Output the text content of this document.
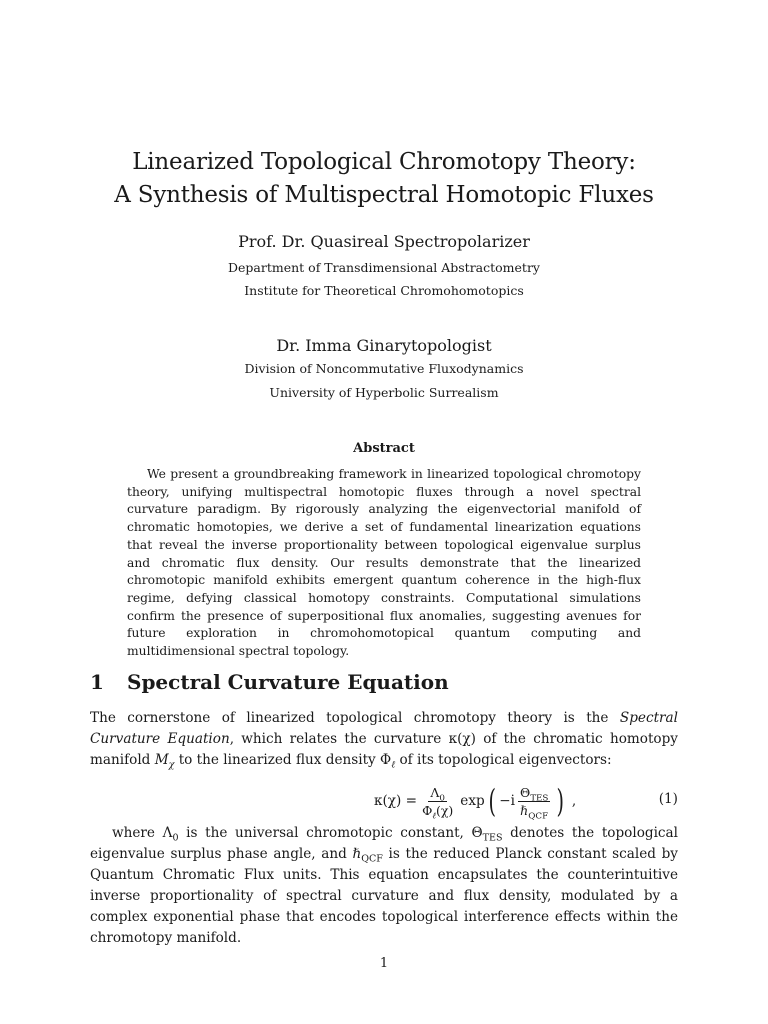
Linearized Topological Chromotopy Theory:
A Synthesis of Multispectral Homotopic Fluxes
Prof. Dr. Quasireal Spectropolarizer
Department of Transdimensional Abstractometry
Institute for Theoretical Chromohomotopics
Dr. Imma Ginarytopologist
Division of Noncommutative Fluxodynamics
University of Hyperbolic Surrealism
Abstract
We present a groundbreaking framework in linearized topological chromotopy theory, unifying multispectral homotopic fluxes through a novel spectral curvature paradigm. By rigorously analyzing the eigenvectorial manifold of chromatic homotopies, we derive a set of fundamental linearization equations that reveal the inverse proportionality between topological eigenvalue surplus and chromatic flux density. Our results demonstrate that the linearized chromotopic manifold exhibits emergent quantum coherence in the high-flux regime, defying classical homotopy constraints. Computational simulations confirm the presence of superpositional flux anomalies, suggesting avenues for future exploration in chromohomotopical quantum computing and multidimensional spectral topology.
1 Spectral Curvature Equation
The cornerstone of linearized topological chromotopy theory is the Spectral Curvature Equation, which relates the curvature κ(χ) of the chromatic homotopy manifold $M_\chi$ to the linearized flux density $\Phi_\ell$ of its topological eigenvectors:
$\kappa(\chi) = \frac{\Lambda_0}{\Phi_\ell(\chi)}$ exp ( $-i \frac{\Theta_{TES}}{\hbar_{QCF}}$ ) ,	(1)
where $\Lambda_0$ is the universal chromotopic constant, $\Theta_{TES}$ denotes the topological eigenvalue surplus phase angle, and ℏ$_{QCF}$ is the reduced Planck constant scaled by Quantum Chromatic Flux units. This equation encapsulates the counterintuitive inverse proportionality of spectral curvature and flux density, modulated by a complex exponential phase that encodes topological interference effects within the chromotopy manifold.
1
